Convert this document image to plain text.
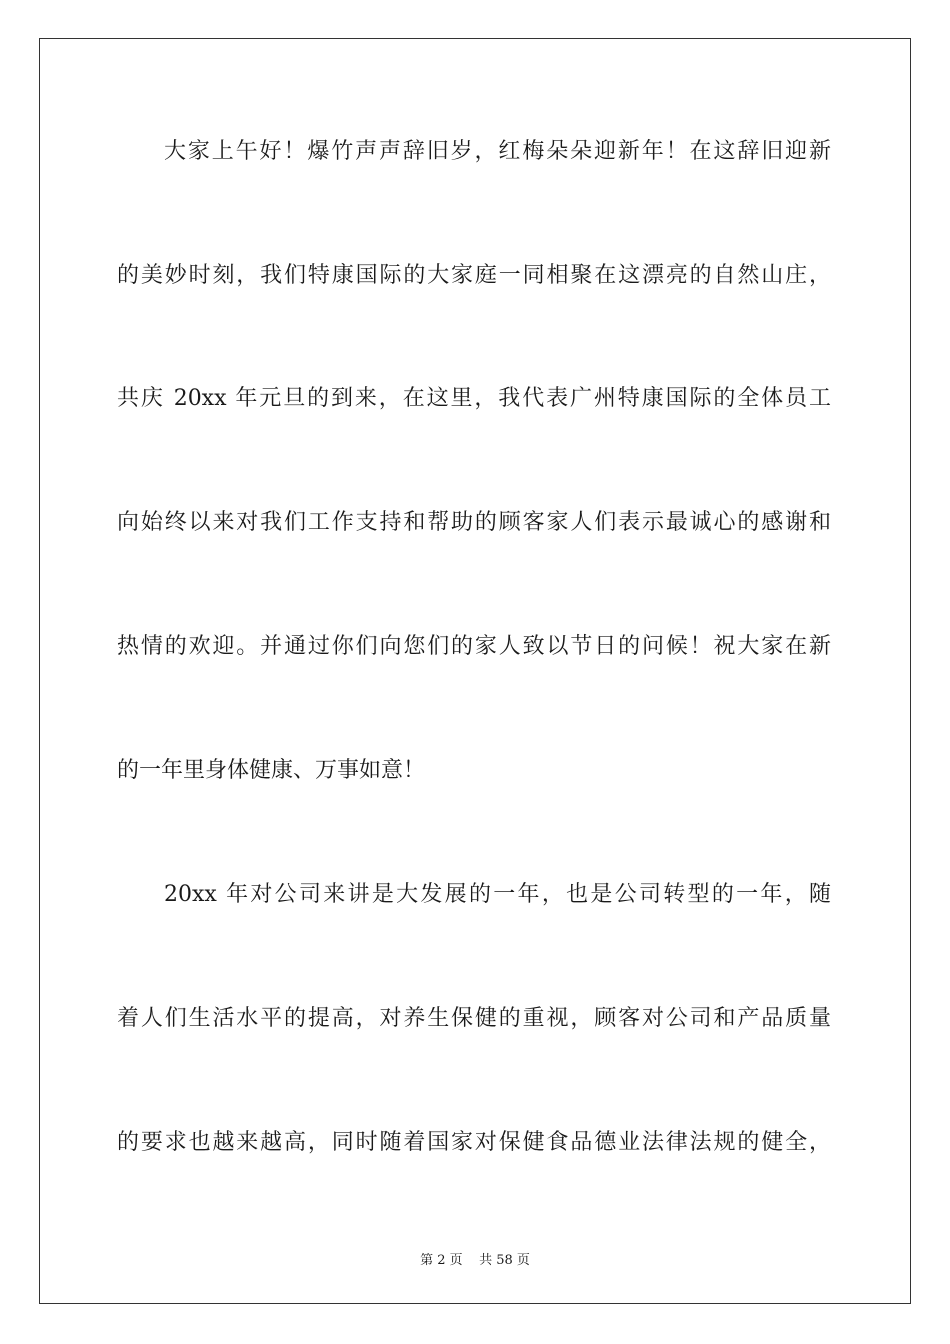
大家上午好！爆竹声声辞旧岁，红梅朵朵迎新年！在这辞旧迎新
的美妙时刻，我们特康国际的大家庭一同相聚在这漂亮的自然山庄，
共庆 20xx 年元旦的到来，在这里，我代表广州特康国际的全体员工
向始终以来对我们工作支持和帮助的顾客家人们表示最诚心的感谢和
热情的欢迎。并通过你们向您们的家人致以节日的问候！祝大家在新
的一年里身体健康、万事如意！
20xx 年对公司来讲是大发展的一年，也是公司转型的一年，随
着人们生活水平的提高，对养生保健的重视，顾客对公司和产品质量
的要求也越来越高，同时随着国家对保健食品德业法律法规的健全，
第 2 页    共 58 页
